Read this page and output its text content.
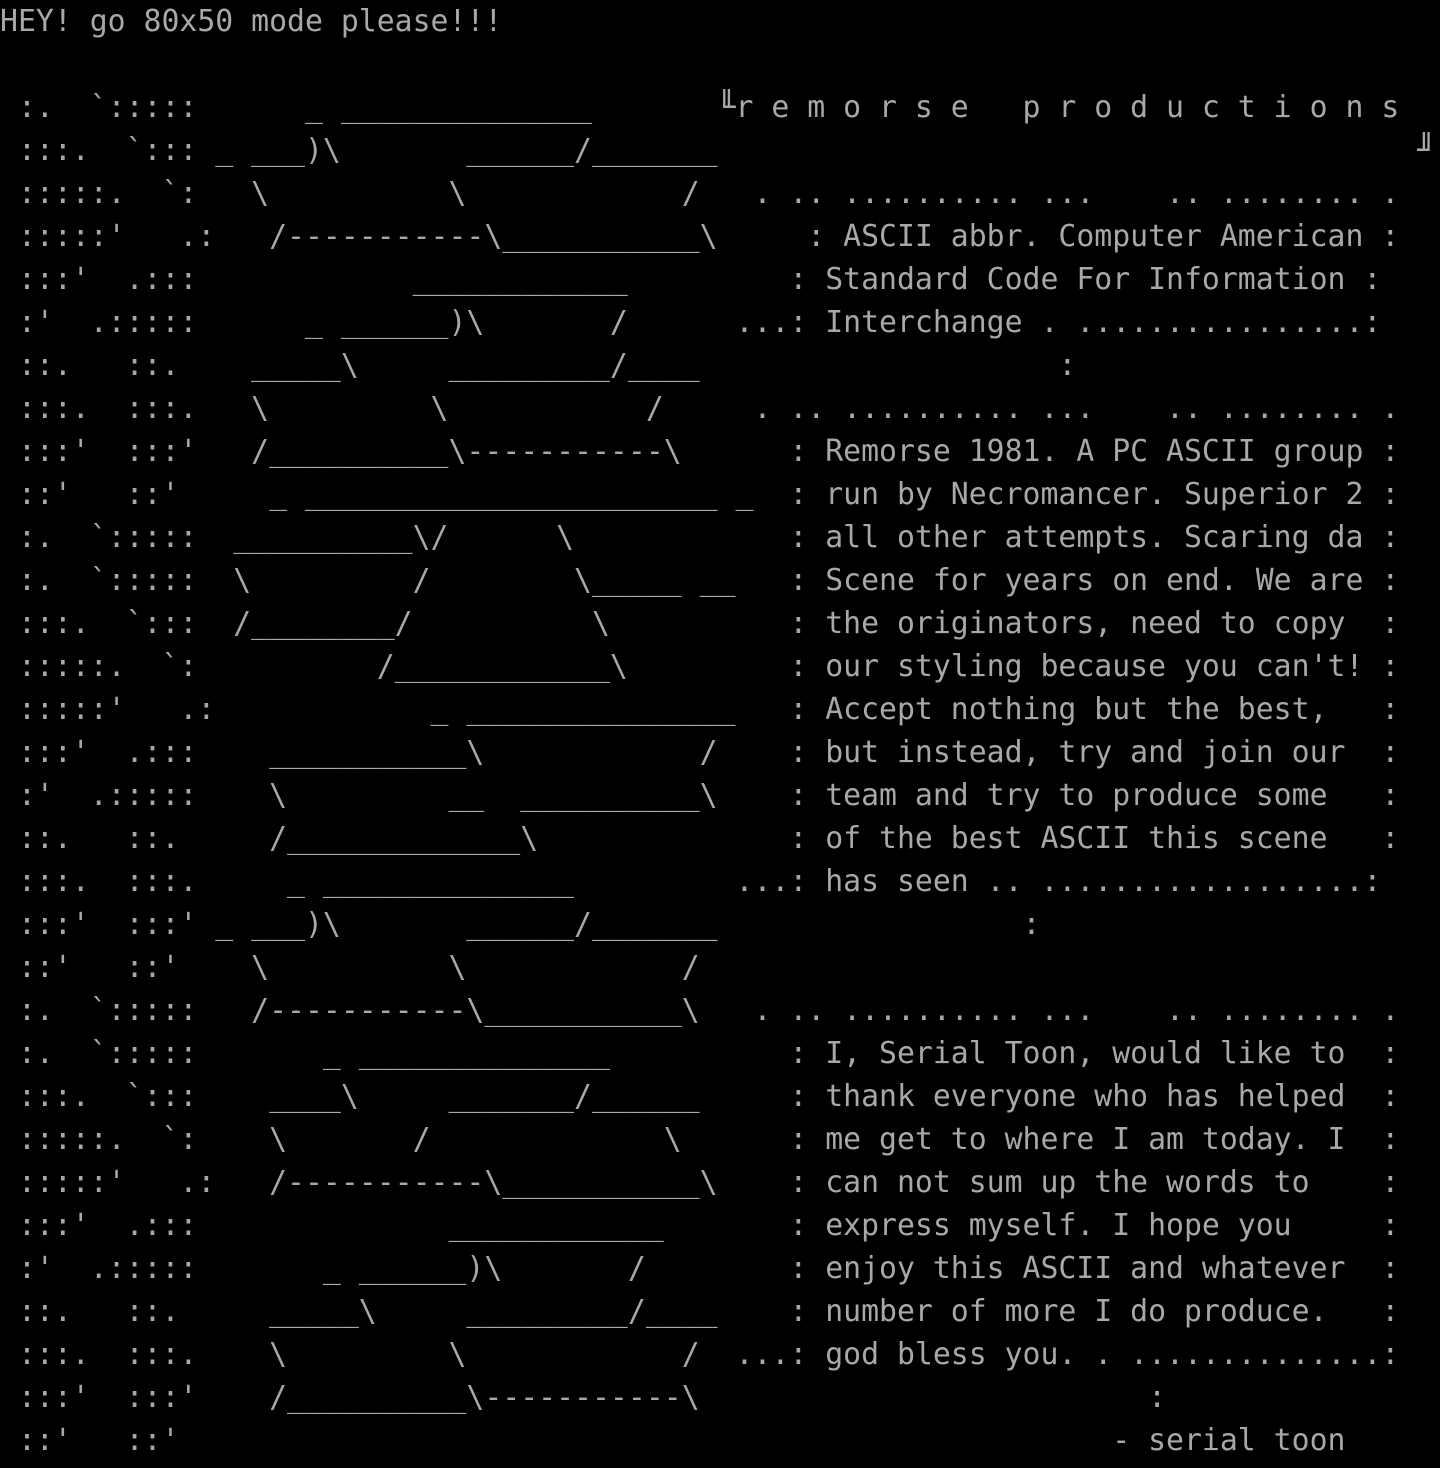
HEY! go 80x50 mode please!!!
:.  `:::::      _ ______________       ╙r e m o r s e   p r o d u c t i o n s
:::.  `::: _ ___)\       ______/_______                                       ╜
:::::.  `:   \          \            /   . .. .......... ...    .. ........ .
:::::'   .:   /-----------\___________\     : ASCII abbr. Computer American :
:::'  .:::            ____________         : Standard Code For Information :
:'  .:::::      _ ______)\       /      ...: Interchange . ................:
::.   ::.    _____\     _________/____                    :
:::.  :::.   \         \           /     . .. .......... ...    .. ........ .
:::'  :::'   /__________\-----------\      : Remorse 1981. A PC ASCII group :
::'   ::'     _ _______________________ _  : run by Necromancer. Superior 2 :
:.  `:::::  __________\/      \            : all other attempts. Scaring da :
:.  `:::::  \         /        \_____ __   : Scene for years on end. We are :
:::.  `:::  /________/          \          : the originators, need to copy  :
:::::.  `:          /____________\         : our styling because you can't! :
:::::'   .:            _ _______________   : Accept nothing but the best,   :
:::'  .:::    ___________\            /    : but instead, try and join our  :
:'  .:::::    \         __  __________\    : team and try to produce some   :
::.   ::.     /_____________\              : of the best ASCII this scene   :
:::.  :::.     _ ______________         ...: has seen .. ..................:
:::'  :::' _ ___)\       ______/_______                 :
::'   ::'    \          \            /
:.  `:::::   /-----------\___________\   . .. .......... ...    .. ........ .
:.  `:::::       _ ______________          : I, Serial Toon, would like to  :
:::.  `:::    ____\     _______/______     : thank everyone who has helped  :
:::::.  `:    \       /             \      : me get to where I am today. I  :
:::::'   .:   /-----------\___________\    : can not sum up the words to    :
:::'  .:::              ____________       : express myself. I hope you     :
:'  .:::::       _ ______)\       /        : enjoy this ASCII and whatever  :
::.   ::.     _____\     _________/____    : number of more I do produce.   :
:::.  :::.    \         \            /  ...: god bless you. . ..............:
:::'  :::'    /__________\-----------\                         :
::'   ::'                                                    - serial toon
